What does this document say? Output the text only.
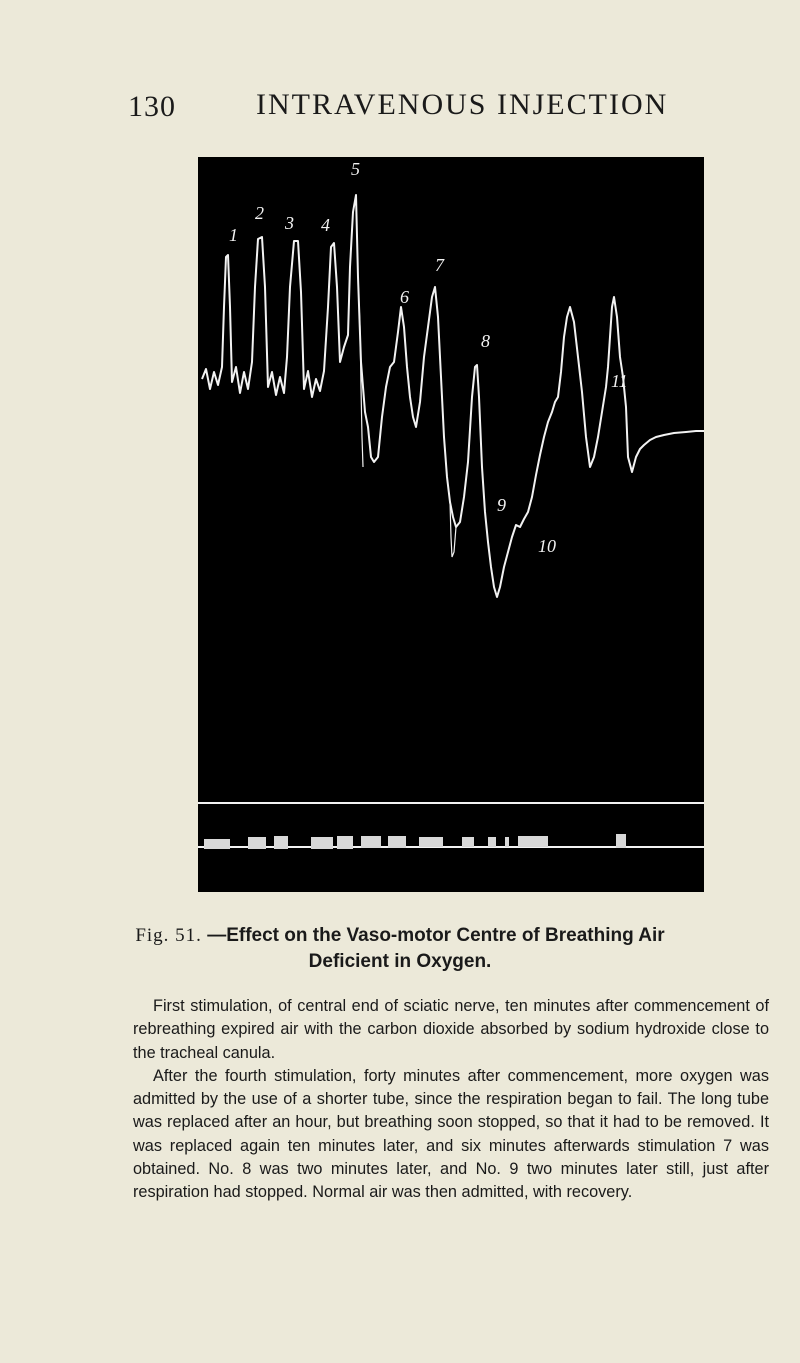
130	INTRAVENOUS INJECTION
1
2 3 4
5
6
7
8
9
10
11
Fig. 51. —Effect on the Vaso-motor Centre of Breathing Air
Deficient in Oxygen.

First stimulation, of central end of sciatic nerve, ten minutes after commencement of rebreathing expired air with the carbon dioxide absorbed by sodium hydroxide close to the tracheal canula.

After the fourth stimulation, forty minutes after commencement, more oxygen was admitted by the use of a shorter tube, since the respiration began to fail. The long tube was replaced after an hour, but breathing soon stopped, so that it had to be removed. It was replaced again ten minutes later, and six minutes afterwards stimulation 7 was obtained. No. 8 was two minutes later, and No. 9 two minutes later still, just after respiration had stopped. Normal air was then admitted, with recovery.
